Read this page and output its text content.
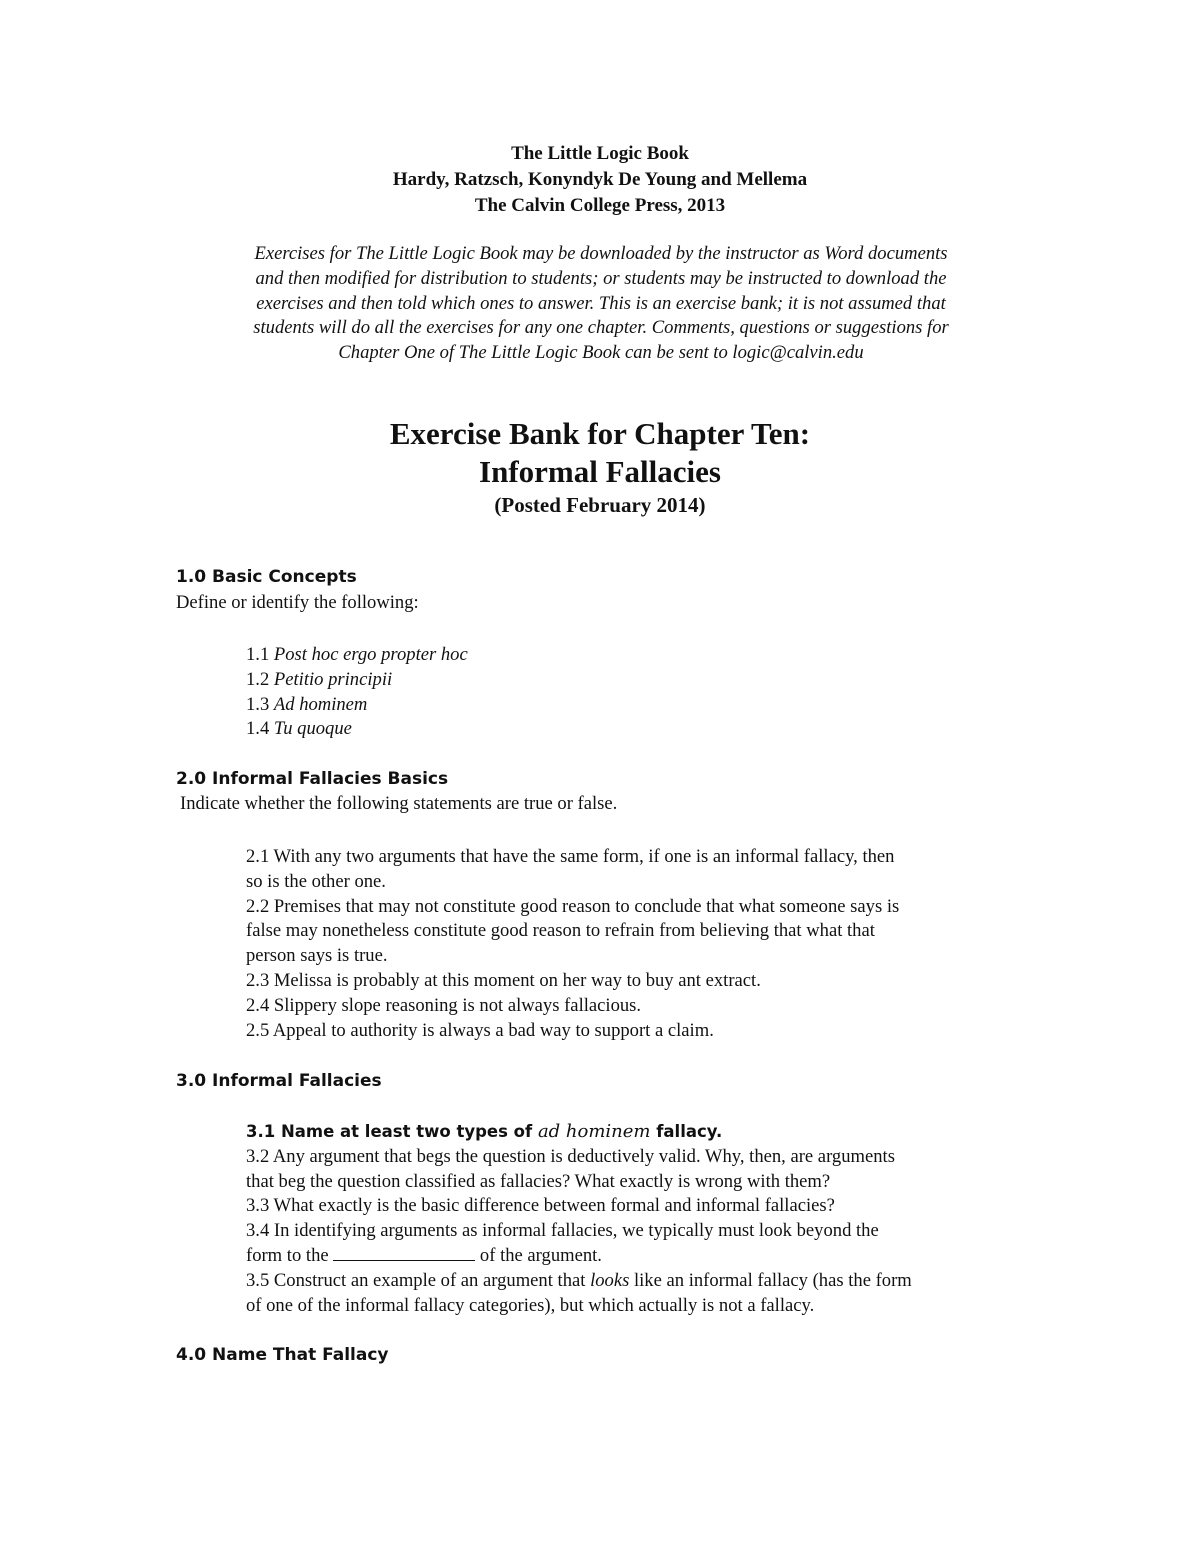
The Little Logic Book

Hardy, Ratzsch, Konyndyk De Young and Mellema

The Calvin College Press, 2013

Exercises for The Little Logic Book may be downloaded by the instructor as Word documents
and then modified for distribution to students; or students may be instructed to download the
exercises and then told which ones to answer. This is an exercise bank; it is not assumed that
students will do all the exercises for any one chapter. Comments, questions or suggestions for
Chapter One of The Little Logic Book can be sent to logic@calvin.edu

Exercise Bank for Chapter Ten:

Informal Fallacies

(Posted February 2014)

1.0 Basic Concepts

Define or identify the following:

1.1 Post hoc ergo propter hoc
1.2 Petitio principii
1.3 Ad hominem
1.4 Tu quoque

2.0 Informal Fallacies Basics

Indicate whether the following statements are true or false.

2.1 With any two arguments that have the same form, if one is an informal fallacy, then
so is the other one.
2.2 Premises that may not constitute good reason to conclude that what someone says is
false may nonetheless constitute good reason to refrain from believing that what that
person says is true.
2.3 Melissa is probably at this moment on her way to buy ant extract.
2.4 Slippery slope reasoning is not always fallacious.
2.5 Appeal to authority is always a bad way to support a claim.

3.0 Informal Fallacies

3.1 Name at least two types of ad hominem fallacy.
3.2 Any argument that begs the question is deductively valid. Why, then, are arguments
that beg the question classified as fallacies? What exactly is wrong with them?
3.3 What exactly is the basic difference between formal and informal fallacies?
3.4 In identifying arguments as informal fallacies, we typically must look beyond the
form to the	of the argument.
3.5 Construct an example of an argument that looks like an informal fallacy (has the form
of one of the informal fallacy categories), but which actually is not a fallacy.

4.0 Name That Fallacy
